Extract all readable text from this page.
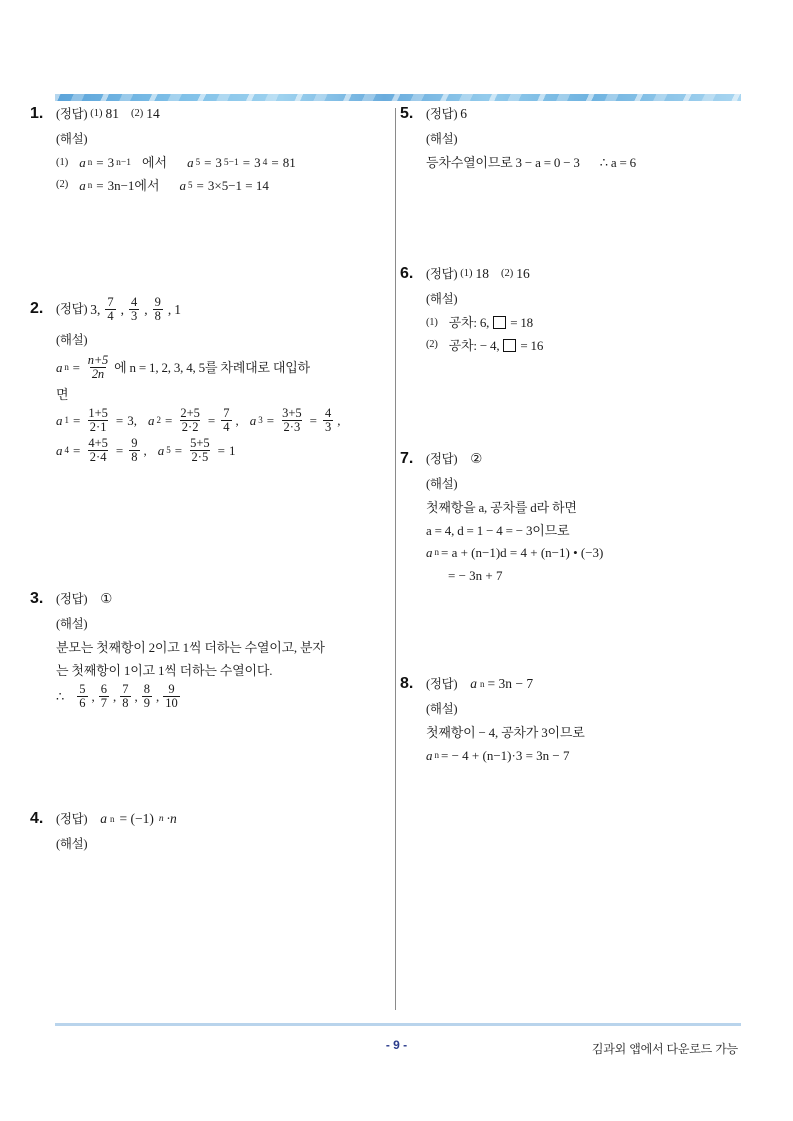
1.	(정답) (1) 81 (2) 14
(해설)
(1) a n = 3 n−1 에서 a 5 = 3 5−1 = 3 4 = 81
(2) a n = 3n−1에서 a 5 = 3×5−1 = 14
2.	(정답) 3, $\frac{7}{4}$ , $\frac{4}{3}$ , $\frac{9}{8}$ , 1
(해설)
a $n = \frac{n+5}{2n}$ 에 n = 1, 2, 3, 4, 5를 차례대로 대입하
면
a $1 = \frac{1+5}{2\cdot 1} = 3$, a $2 = \frac{2+5}{2\cdot 2} = \frac{7}{4}$ , a $3 = \frac{3+5}{2\cdot 3} = \frac{4}{3}$ ,
a $4 = \frac{4+5}{2\cdot 4} = \frac{9}{8}$ , a $5 = \frac{5+5}{2\cdot 5} = 1$
3.	(정답) ①
(해설)
분모는 첫째항이 2이고 1씩 더하는 수열이고, 분자
는 첫째항이 1이고 1씩 더하는 수열이다.
∴ $\frac{5}{6}$ , $\frac{6}{7}$ , $\frac{7}{8}$ , $\frac{8}{9}$ , $\frac{9}{10}$
4.	(정답) a n = (−1) n ·n
(해설)
5.	(정답) 6
(해설)
등차수열이므로 3 − a = 0 − 3 ∴ a = 6
6.	(정답) (1) 18 (2) 16
(해설)
(1) 공차: 6, = 18
(2) 공차: − 4, = 16
7.	(정답) ②
(해설)
첫째항을 a, 공차를 d라 하면
a = 4, d = 1 − 4 = − 3이므로
a n = a + (n−1)d = 4 + (n−1) • (−3)
= − 3n + 7
8.	(정답) a n = 3n − 7
(해설)
첫째항이 − 4, 공차가 3이므로
a n = − 4 + (n−1)·3 = 3n − 7
- 9 -	김과외 앱에서 다운로드 가능
